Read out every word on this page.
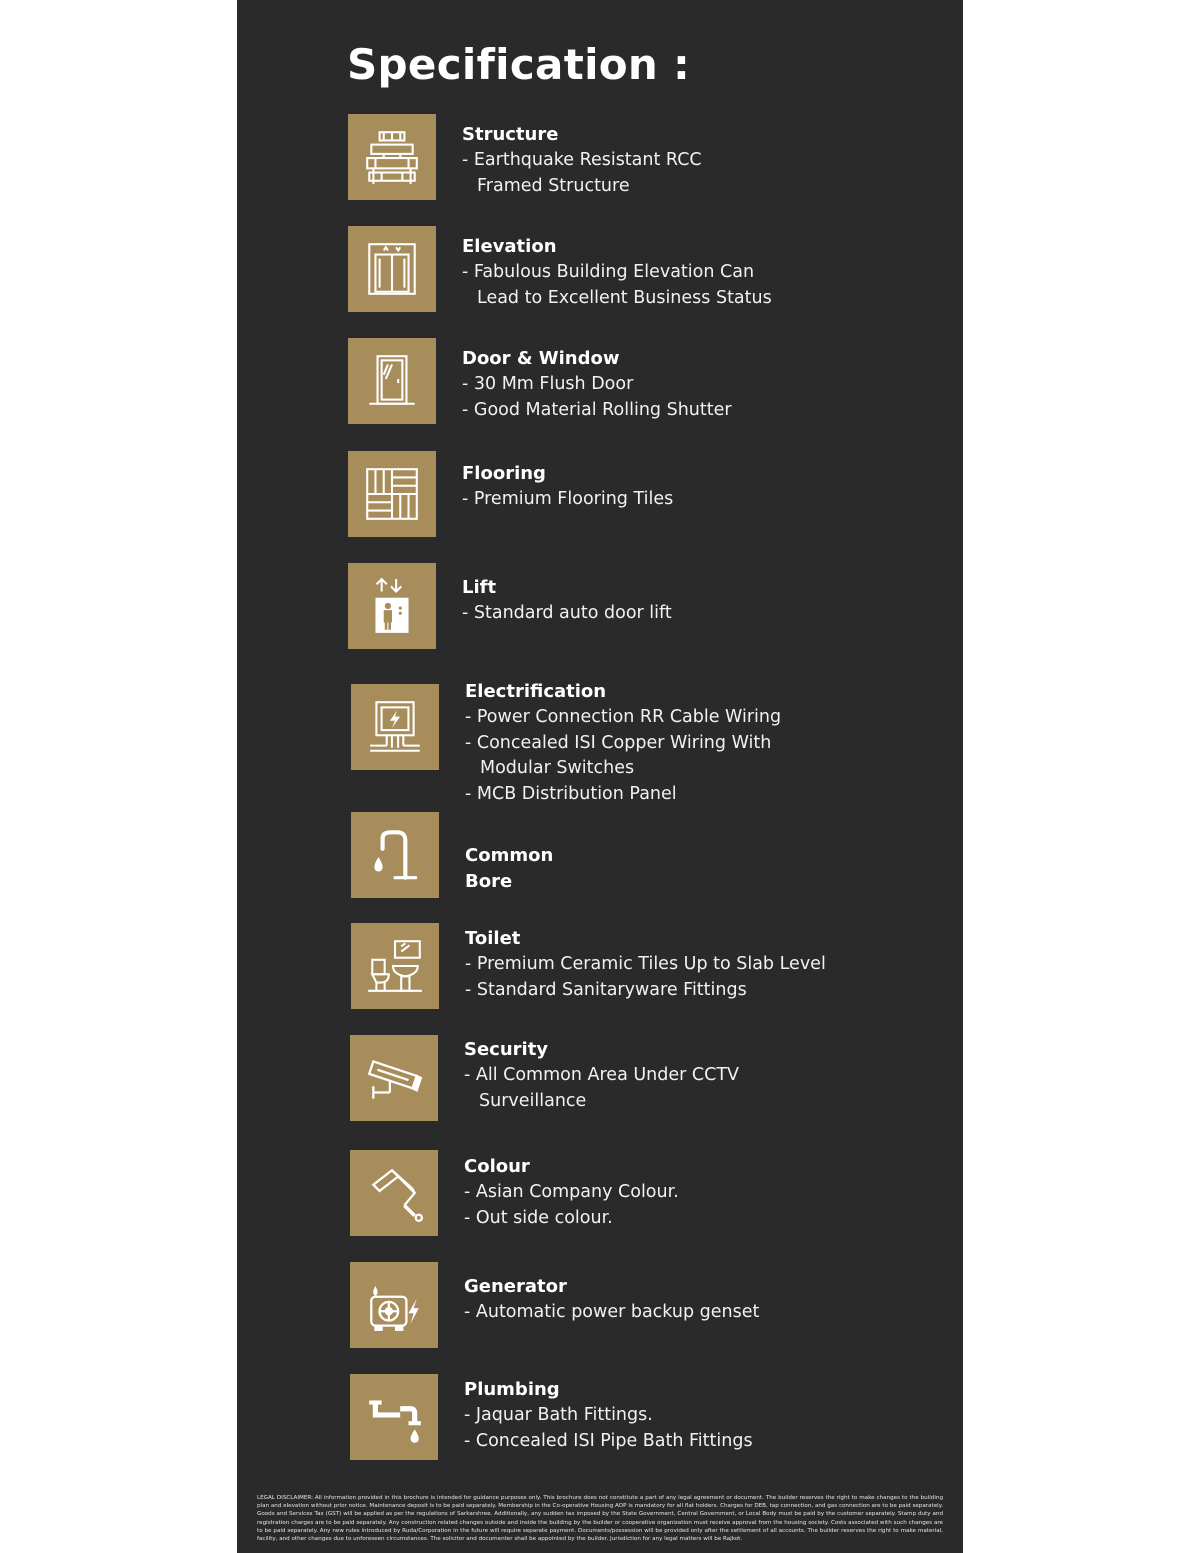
Specification :
Structure
- Earthquake Resistant RCC
Framed Structure
Elevation
- Fabulous Building Elevation Can
Lead to Excellent Business Status
Door & Window
- 30 Mm Flush Door
- Good Material Rolling Shutter
Flooring
- Premium Flooring Tiles
Lift
- Standard auto door lift
Electrification
- Power Connection RR Cable Wiring
- Concealed ISI Copper Wiring With
Modular Switches
- MCB Distribution Panel
Common Bore
Toilet
- Premium Ceramic Tiles Up to Slab Level
- Standard Sanitaryware Fittings
Security
- All Common Area Under CCTV
Surveillance
Colour
- Asian Company Colour.
- Out side colour.
Generator
- Automatic power backup genset
Plumbing
- Jaquar Bath Fittings.
- Concealed ISI Pipe Bath Fittings

LEGAL DISCLAIMER: All information provided in this brochure is intended for guidance purposes only. This brochure does not constitute a part of any legal agreement or document. The builder reserves the right to make changes to the building plan and elevation without prior notice. Maintenance deposit is to be paid separately. Membership in the Co-operative Housing AOP is mandatory for all flat holders. Charges for DEB, tap connection, and gas connection are to be paid separately. Goods and Services Tax (GST) will be applied as per the regulations of Sarkarshree. Additionally, any sudden tax imposed by the State Government, Central Government, or Local Body must be paid by the customer separately. Stamp duty and registration charges are to be paid separately. Any construction related changes outside and inside the building by the builder or cooperative organization must receive approval from the housing society. Costs associated with such changes are to be paid separately. Any new rules introduced by Ruda/Corporation in the future will require separate payment. Documents/possession will be provided only after the settlement of all accounts. The builder reserves the right to make material, facility, and other changes due to unforeseen circumstances. The solicitor and documenter shall be appointed by the builder. Jurisdiction for any legal matters will be Rajkot.
